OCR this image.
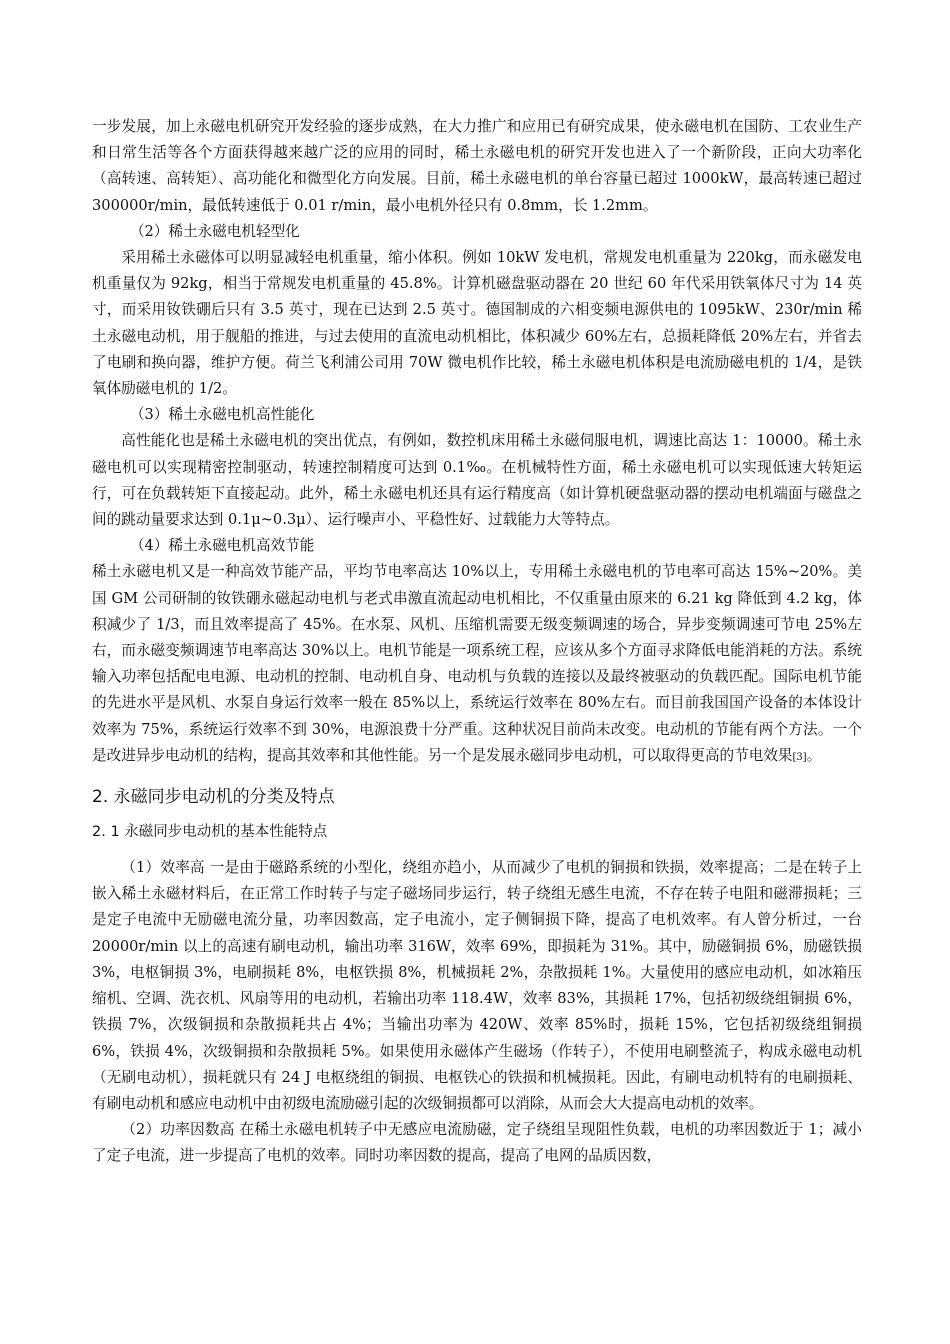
一步发展，加上永磁电机研究开发经验的逐步成熟，在大力推广和应用已有研究成果，使永磁电机在国防、工农业生产和日常生活等各个方面获得越来越广泛的应用的同时，稀土永磁电机的研究开发也进入了一个新阶段，正向大功率化（高转速、高转矩）、高功能化和微型化方向发展。目前，稀土永磁电机的单台容量已超过 1000kW，最高转速已超过 300000r/min，最低转速低于 0.01 r/min，最小电机外径只有 0.8mm，长 1.2mm。

（2）稀土永磁电机轻型化

采用稀土永磁体可以明显减轻电机重量，缩小体积。例如 10kW 发电机，常规发电机重量为 220kg，而永磁发电机重量仅为 92kg，相当于常规发电机重量的 45.8%。计算机磁盘驱动器在 20 世纪 60 年代采用铁氧体尺寸为 14 英寸，而采用钕铁硼后只有 3.5 英寸，现在已达到 2.5 英寸。德国制成的六相变频电源供电的 1095kW、230r/min 稀土永磁电动机，用于舰船的推进，与过去使用的直流电动机相比，体积减少 60%左右，总损耗降低 20%左右，并省去了电刷和换向器，维护方便。荷兰飞利浦公司用 70W 微电机作比较，稀土永磁电机体积是电流励磁电机的 1/4，是铁氧体励磁电机的 1/2。

（3）稀土永磁电机高性能化

高性能化也是稀土永磁电机的突出优点，有例如，数控机床用稀土永磁伺服电机，调速比高达 1：10000。稀土永磁电机可以实现精密控制驱动，转速控制精度可达到 0.1‰。在机械特性方面，稀土永磁电机可以实现低速大转矩运行，可在负载转矩下直接起动。此外，稀土永磁电机还具有运行精度高（如计算机硬盘驱动器的摆动电机端面与磁盘之间的跳动量要求达到 0.1μ~0.3μ）、运行噪声小、平稳性好、过载能力大等特点。

（4）稀土永磁电机高效节能

稀土永磁电机又是一种高效节能产品，平均节电率高达 10%以上，专用稀土永磁电机的节电率可高达 15%~20%。美国 GM 公司研制的钕铁硼永磁起动电机与老式串激直流起动电机相比，不仅重量由原来的 6.21 kg 降低到 4.2 kg，体积减少了 1/3，而且效率提高了 45%。在水泵、风机、压缩机需要无级变频调速的场合，异步变频调速可节电 25%左右，而永磁变频调速节电率高达 30%以上。电机节能是一项系统工程，应该从多个方面寻求降低电能消耗的方法。系统输入功率包括配电电源、电动机的控制、电动机自身、电动机与负载的连接以及最终被驱动的负载匹配。国际电机节能的先进水平是风机、水泵自身运行效率一般在 85%以上，系统运行效率在 80%左右。而目前我国国产设备的本体设计效率为 75%，系统运行效率不到 30%，电源浪费十分严重。这种状况目前尚未改变。电动机的节能有两个方法。一个是改进异步电动机的结构，提高其效率和其他性能。另一个是发展永磁同步电动机，可以取得更高的节电效果[3]。

2. 永磁同步电动机的分类及特点
2. 1 永磁同步电动机的基本性能特点

（1）效率高 一是由于磁路系统的小型化，绕组亦趋小，从而减少了电机的铜损和铁损，效率提高；二是在转子上嵌入稀土永磁材料后，在正常工作时转子与定子磁场同步运行，转子绕组无感生电流，不存在转子电阻和磁滞损耗；三是定子电流中无励磁电流分量，功率因数高，定子电流小，定子侧铜损下降，提高了电机效率。有人曾分析过，一台 20000r/min 以上的高速有刷电动机，输出功率 316W，效率 69%，即损耗为 31%。其中，励磁铜损 6%，励磁铁损 3%，电枢铜损 3%，电刷损耗 8%，电枢铁损 8%，机械损耗 2%，杂散损耗 1%。大量使用的感应电动机，如冰箱压缩机、空调、洗衣机、风扇等用的电动机，若输出功率 118.4W，效率 83%，其损耗 17%，包括初级绕组铜损 6%，铁损 7%，次级铜损和杂散损耗共占 4%；当输出功率为 420W、效率 85%时，损耗 15%，它包括初级绕组铜损 6%，铁损 4%，次级铜损和杂散损耗 5%。如果使用永磁体产生磁场（作转子），不使用电刷整流子，构成永磁电动机（无刷电动机），损耗就只有 24 J 电枢绕组的铜损、电枢铁心的铁损和机械损耗。因此，有刷电动机特有的电刷损耗、有刷电动机和感应电动机中由初级电流励磁引起的次级铜损都可以消除，从而会大大提高电动机的效率。

（2）功率因数高 在稀土永磁电机转子中无感应电流励磁，定子绕组呈现阻性负载，电机的功率因数近于 1；减小了定子电流，进一步提高了电机的效率。同时功率因数的提高，提高了电网的品质因数，
